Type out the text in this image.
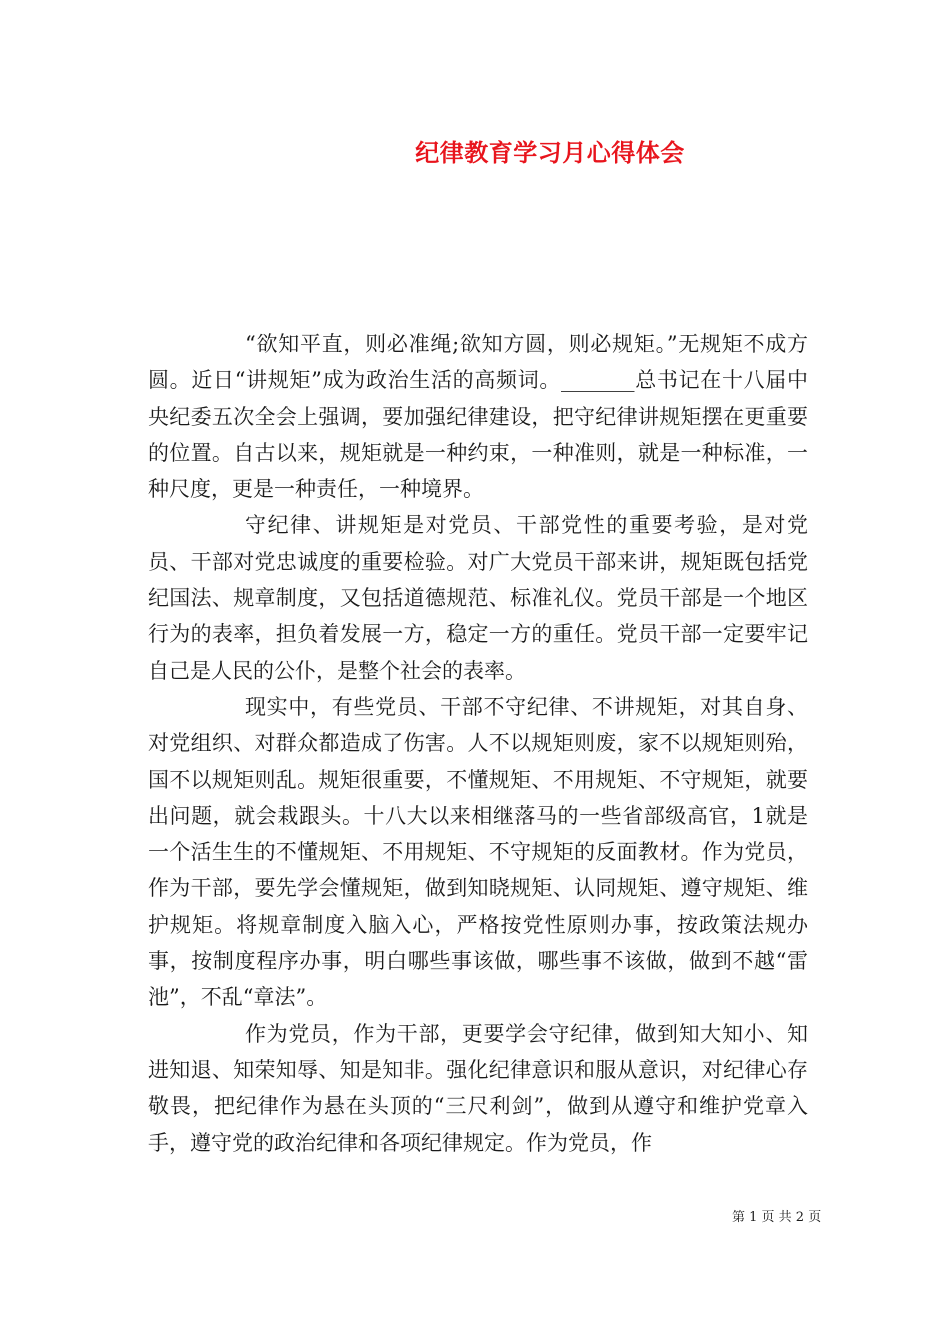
纪律教育学习月心得体会

“欲知平直，则必准绳;欲知方圆，则必规矩。”无规矩不成方圆。近日“讲规矩”成为政治生活的高频词。_______总书记在十八届中央纪委五次全会上强调，要加强纪律建设，把守纪律讲规矩摆在更重要的位置。自古以来，规矩就是一种约束，一种准则，就是一种标准，一种尺度，更是一种责任，一种境界。

守纪律、讲规矩是对党员、干部党性的重要考验，是对党员、干部对党忠诚度的重要检验。对广大党员干部来讲，规矩既包括党纪国法、规章制度，又包括道德规范、标准礼仪。党员干部是一个地区行为的表率，担负着发展一方，稳定一方的重任。党员干部一定要牢记自己是人民的公仆，是整个社会的表率。

现实中，有些党员、干部不守纪律、不讲规矩，对其自身、对党组织、对群众都造成了伤害。人不以规矩则废，家不以规矩则殆，国不以规矩则乱。规矩很重要，不懂规矩、不用规矩、不守规矩，就要出问题，就会栽跟头。十八大以来相继落马的一些省部级高官，1就是一个活生生的不懂规矩、不用规矩、不守规矩的反面教材。作为党员，作为干部，要先学会懂规矩，做到知晓规矩、认同规矩、遵守规矩、维护规矩。将规章制度入脑入心，严格按党性原则办事，按政策法规办事，按制度程序办事，明白哪些事该做，哪些事不该做，做到不越“雷池”，不乱“章法”。

作为党员，作为干部，更要学会守纪律，做到知大知小、知进知退、知荣知辱、知是知非。强化纪律意识和服从意识，对纪律心存敬畏，把纪律作为悬在头顶的“三尺利剑”，做到从遵守和维护党章入手，遵守党的政治纪律和各项纪律规定。作为党员，作

第 1 页 共 2 页
